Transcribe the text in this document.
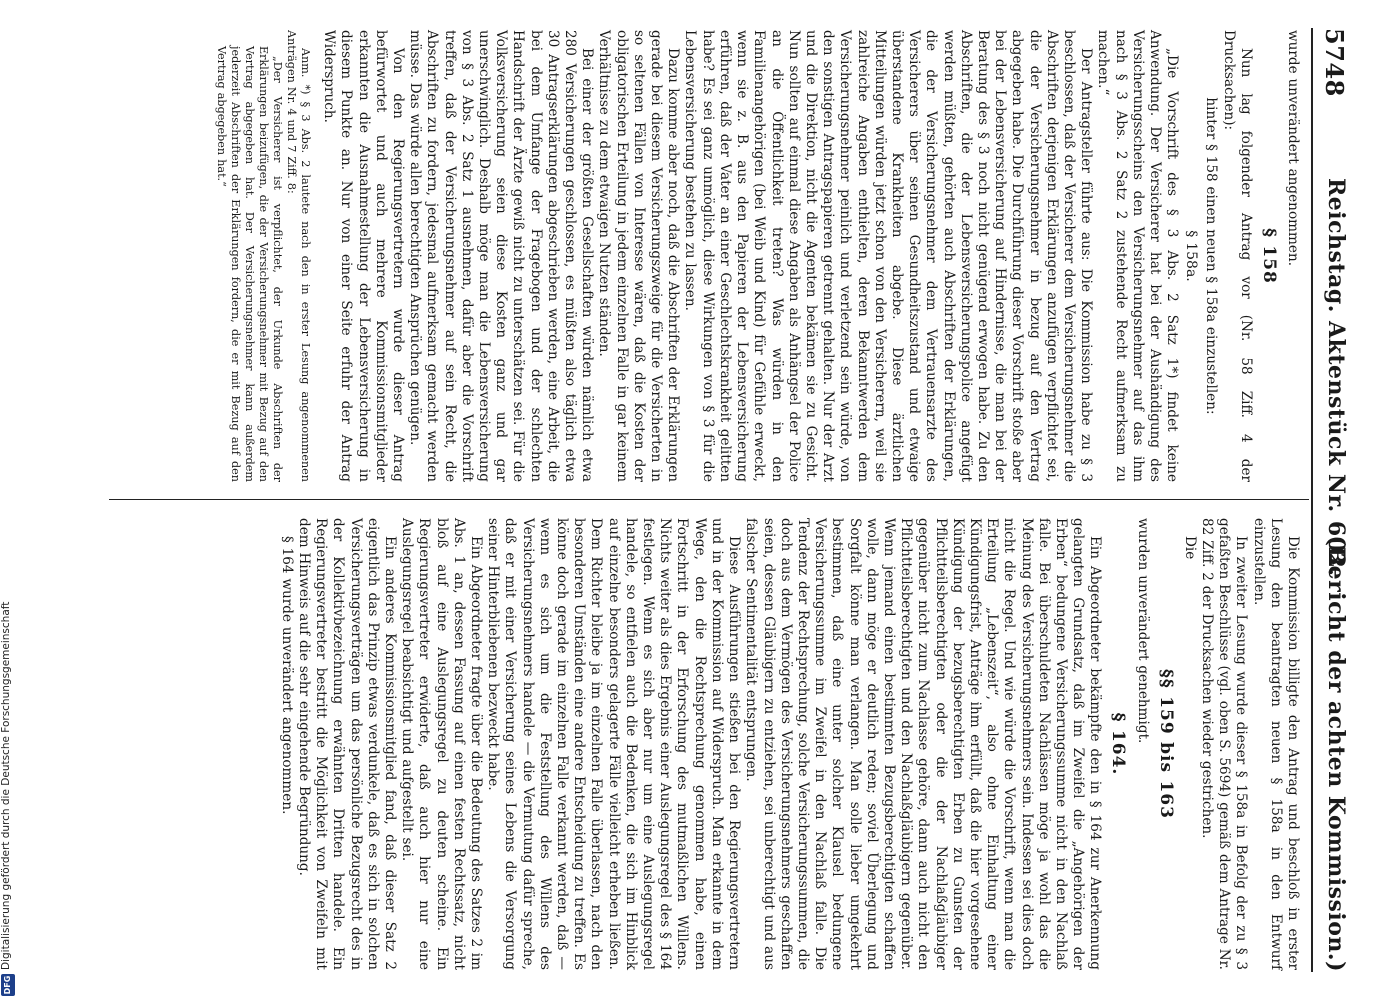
5748
Reichstag. Aktenstück Nr. 602.
(Bericht der achten Kommission.)

wurde unverändert angenommen.

§ 158

Nun lag folgender Antrag vor (Nr. 58 Ziff. 4 der Drucksachen):

hinter § 158 einen neuen § 158a einzustellen:

§ 158a.

„Die Vorschrift des § 3 Abs. 2 Satz 1*) findet keine Anwendung. Der Versicherer hat bei der Aushändigung des Versicherungsscheins den Versicherungsnehmer auf das ihm nach § 3 Abs. 2 Satz 2 zustehende Recht aufmerksam zu machen.“

Der Antragsteller führte aus: Die Kommission habe zu § 3 beschlossen, daß der Versicherer dem Versicherungsnehmer die Abschriften derjenigen Erklärungen anzufügen verpflichtet sei, die der Versicherungsnehmer in bezug auf den Vertrag abgegeben habe. Die Durchführung dieser Vorschrift stoße aber bei der Lebensversicherung auf Hindernisse, die man bei der Beratung des § 3 noch nicht genügend erwogen habe. Zu den Abschriften, die der Lebensversicherungspolice angefügt werden müßten, gehörten auch Abschriften der Erklärungen, die der Versicherungsnehmer dem Vertrauensarzte des Versicherers über seinen Gesundheitszustand und etwaige überstandene Krankheiten abgebe. Diese ärztlichen Mitteilungen würden jetzt schon von den Versicherern, weil sie zahlreiche Angaben enthielten, deren Bekanntwerden dem Versicherungsnehmer peinlich und verletzend sein würde, von den sonstigen Antragspapieren getrennt gehalten. Nur der Arzt und die Direktion, nicht die Agenten bekämen sie zu Gesicht. Nun sollten auf einmal diese Angaben als Anhängsel der Police an die Öffentlichkeit treten? Was würden in den Familienangehörigen (bei Weib und Kind) für Gefühle erweckt, wenn sie z. B. aus den Papieren der Lebensversicherung erführen, daß der Vater an einer Geschlechtskrankheit gelitten habe? Es sei ganz unmöglich, diese Wirkungen von § 3 für die Lebensversicherung bestehen zu lassen.

Dazu komme aber noch, daß die Abschriften der Erklärungen gerade bei diesem Versicherungszweige für die Versicherten in so seltenen Fällen von Interesse wären, daß die Kosten der obligatorischen Erteilung in jedem einzelnen Falle in gar keinem Verhältnisse zu dem etwaigen Nutzen ständen.

Bei einer der größten Gesellschaften würden nämlich etwa 280 Versicherungen geschlossen, es müßten also täglich etwa 30 Antragserklärungen abgeschrieben werden, eine Arbeit, die bei dem Umfange der Fragebogen und der schlechten Handschrift der Ärzte gewiß nicht zu unterschätzen sei. Für die Volksversicherung seien diese Kosten ganz und gar unerschwinglich. Deshalb möge man die Lebensversicherung von § 3 Abs. 2 Satz 1 ausnehmen, dafür aber die Vorschrift treffen, daß der Versicherungsnehmer auf sein Recht, die Abschriften zu fordern, jedesmal aufmerksam gemacht werden müsse. Das würde allen berechtigten Ansprüchen genügen.

Von den Regierungsvertretern wurde dieser Antrag befürwortet und auch mehrere Kommissionsmitglieder erkannten die Ausnahmestellung der Lebensversicherung in diesem Punkte an. Nur von einer Seite erfuhr der Antrag Widerspruch.

Anm. *) § 3 Abs. 2 lautete nach den in erster Lesung angenommenen Anträgen Nr. 4 und 7 Ziff. 8:

„Der Versicherer ist verpflichtet, der Urkunde Abschriften der Erklärungen beizufügen, die der Versicherungsnehmer mit Bezug auf den Vertrag abgegeben hat. Der Versicherungsnehmer kann außerdem jederzeit Abschriften der Erklärungen fordern, die er mit Bezug auf den Vertrag abgegeben hat.“

Die Kommission billigte den Antrag und beschloß in erster Lesung den beantragten neuen § 158a in den Entwurf einzustellen.

In zweiter Lesung wurde dieser § 158a in Befolg der zu § 3 gefaßten Beschlüsse (vgl. oben S. 5694) gemäß dem Antrage Nr. 82 Ziff. 2 der Drucksachen wieder gestrichen.

Die

§§ 159 bis 163

wurden unverändert genehmigt.

§ 164.

Ein Abgeordneter bekämpfte den in § 164 zur Anerkennung gelangten Grundsatz, daß im Zweifel die „Angehörigen der Erben“ bedungene Versicherungssumme nicht in den Nachlaß falle. Bei überschuldeten Nachlässen möge ja wohl das die Meinung des Versicherungsnehmers sein. Indessen sei dies doch nicht die Regel. Und wie würde die Vorschrift, wenn man die Erteilung „Lebenszeit“, also ohne Einhaltung einer Kündigungsfrist, Anträge ihm erfüllt, daß die hier vorgesehene Kündigung der bezugsberechtigten Erben zu Gunsten der Pflichtteilsberechtigten oder die der Nachlaßgläubiger gegenüber nicht zum Nachlasse gehöre, dann auch nicht den Pflichtteilsberechtigten und den Nachlaßgläubigern gegenüber. Wenn jemand einen bestimmten Bezugsberechtigten schaffen wolle, dann möge er deutlich reden; soviel Überlegung und Sorgfalt könne man verlangen. Man solle lieber umgekehrt bestimmen, daß eine unter solcher Klausel bedungene Versicherungssumme im Zweifel in den Nachlaß falle. Die Tendenz der Rechtsprechung, solche Versicherungssummen, die doch aus dem Vermögen des Versicherungsnehmers geschaffen seien, dessen Gläubigern zu entziehen, sei unberechtigt und aus falscher Sentimentalität entsprungen.

Diese Ausführungen stießen bei den Regierungsvertretern und in der Kommission auf Widerspruch. Man erkannte in dem Wege, den die Rechtsprechung genommen habe, einen Fortschritt in der Erforschung des mutmaßlichen Willens. Nichts weiter als dies Ergebnis einer Auslegungsregel des § 164 festlegen. Wenn es sich aber nur um eine Auslegungsregel handele, so entfielen auch die Bedenken, die sich im Hinblick auf einzelne besonders gelagerte Fälle vielleicht erheben ließen. Dem Richter bleibe ja im einzelnen Falle überlassen, nach den besonderen Umständen eine andere Entscheidung zu treffen. Es könne doch gerade im einzelnen Falle verkannt werden, daß — wenn es sich um die Feststellung des Willens des Versicherungsnehmers handele — die Vermutung dafür spreche, daß er mit einer Versicherung seines Lebens die Versorgung seiner Hinterbliebenen bezweckt habe.

Ein Abgeordneter fragte über die Bedeutung des Satzes 2 im Abs. 1 an, dessen Fassung auf einen festen Rechtssatz, nicht bloß auf eine Auslegungsregel zu deuten scheine. Ein Regierungsvertreter erwiderte, daß auch hier nur eine Auslegungsregel beabsichtigt und aufgestellt sei.

Ein anderes Kommissionsmitglied fand, daß dieser Satz 2 eigentlich das Prinzip etwas verdunkele, daß es sich in solchen Versicherungsverträgen um das persönliche Bezugsrecht des in der Kollektivbezeichnung erwähnten Dritten handele. Ein Regierungsvertreter bestritt die Möglichkeit von Zweifeln mit dem Hinweis auf die sehr eingehende Begründung.

§ 164 wurde unverändert angenommen.

DFG
Digitalisierung gefördert durch die Deutsche Forschungsgemeinschaft
